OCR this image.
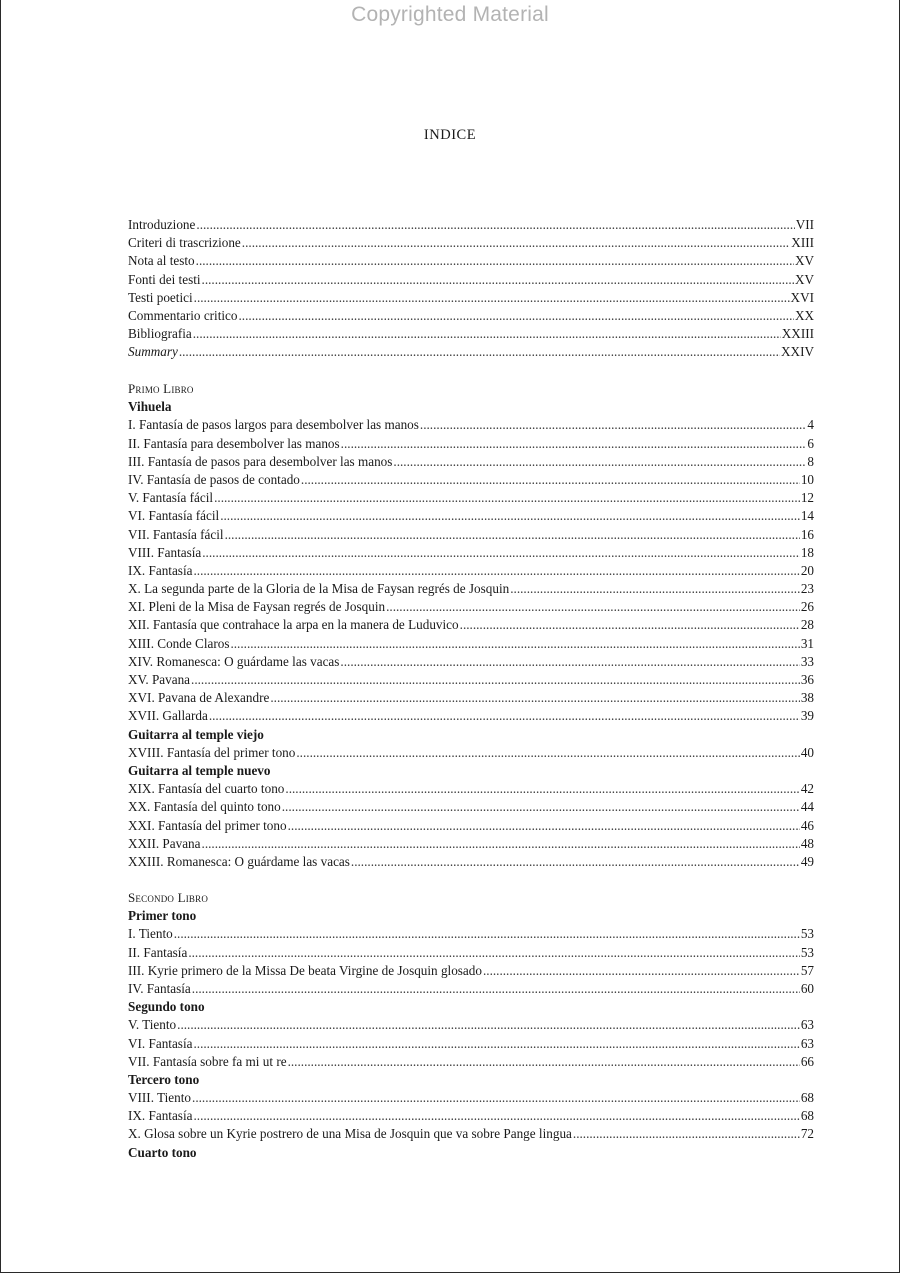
Copyrighted Material
INDICE
Introduzione .....	VII
Criteri di trascrizione .....	XIII
Nota al testo .....	XV
Fonti dei testi .....	XV
Testi poetici .....	XVI
Commentario critico .....	XX
Bibliografia .....	XXIII
Summary .....	XXIV
Primo Libro
Vihuela
I. Fantasía de pasos largos para desembolver las manos .....	4
II. Fantasía para desembolver las manos .....	6
III. Fantasía de pasos para desembolver las manos .....	8
IV. Fantasía de pasos de contado .....	10
V. Fantasía fácil .....	12
VI. Fantasía fácil .....	14
VII. Fantasía fácil .....	16
VIII. Fantasía .....	18
IX. Fantasía .....	20
X. La segunda parte de la Gloria de la Misa de Faysan regrés de Josquin .....	23
XI. Pleni de la Misa de Faysan regrés de Josquin .....	26
XII. Fantasía que contrahace la arpa en la manera de Luduvico .....	28
XIII. Conde Claros .....	31
XIV. Romanesca: O guárdame las vacas .....	33
XV. Pavana .....	36
XVI. Pavana de Alexandre .....	38
XVII. Gallarda .....	39
Guitarra al temple viejo
XVIII. Fantasía del primer tono .....	40
Guitarra al temple nuevo
XIX. Fantasía del cuarto tono .....	42
XX. Fantasía del quinto tono .....	44
XXI. Fantasía del primer tono .....	46
XXII. Pavana .....	48
XXIII. Romanesca: O guárdame las vacas .....	49
Secondo Libro
Primer tono
I. Tiento .....	53
II. Fantasía .....	53
III. Kyrie primero de la Missa De beata Virgine de Josquin glosado .....	57
IV. Fantasía .....	60
Segundo tono
V. Tiento .....	63
VI. Fantasía .....	63
VII. Fantasía sobre fa mi ut re .....	66
Tercero tono
VIII. Tiento .....	68
IX. Fantasía .....	68
X. Glosa sobre un Kyrie postrero de una Misa de Josquin que va sobre Pange lingua .....	72
Cuarto tono
